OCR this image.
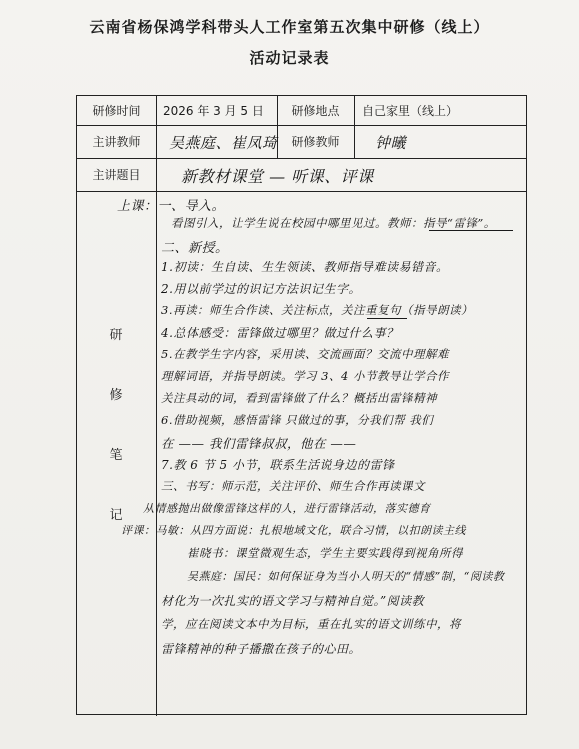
云南省杨保鸿学科带头人工作室第五次集中研修（线上）
活动记录表
研修时间	2026 年 3 月 5 日	研修地点	自己家里（线上）
主讲教师	吴燕庭、崔凤琦	研修教师	钟曦
主讲题目	新教材课堂 — 听课、评课
研
修
笔
记
上课：一、导入。
看图引入，让学生说在校园中哪里见过。教师：指导“雷锋”。
二、新授。
1.初读：生自读、生生领读、教师指导难读易错音。
2.用以前学过的识记方法识记生字。
3.再读：师生合作读、关注标点，关注重复句（指导朗读）
4.总体感受：雷锋做过哪里？做过什么事？
5.在教学生字内容，采用读、交流画面？交流中理解难
理解词语，并指导朗读。学习 3、4 小节教导让学合作
关注具动的词，看到雷锋做了什么？概括出雷锋精神
6.借助视频，感悟雷锋 只做过的事，分我们帮 我们
在 —— 我们雷锋叔叔，他在 ——
7.教 6 节 5 小节，联系生活说身边的雷锋
三、书写：师示范，关注评价、师生合作再读课文
从情感抛出做像雷锋这样的人，进行雷锋活动，落实德育
评课：马敏：从四方面说：扎根地域文化，联合习情，以扣朗读主线
崔晓书：课堂微观生态，学生主要实践得到视角所得
吴燕庭：国民：如何保证身为当小人明天的“情感”制，“阅读教
材化为一次扎实的语文学习与精神自觉。”阅读教
学，应在阅读文本中为目标，重在扎实的语文训练中，将
雷锋精神的种子播撒在孩子的心田。
